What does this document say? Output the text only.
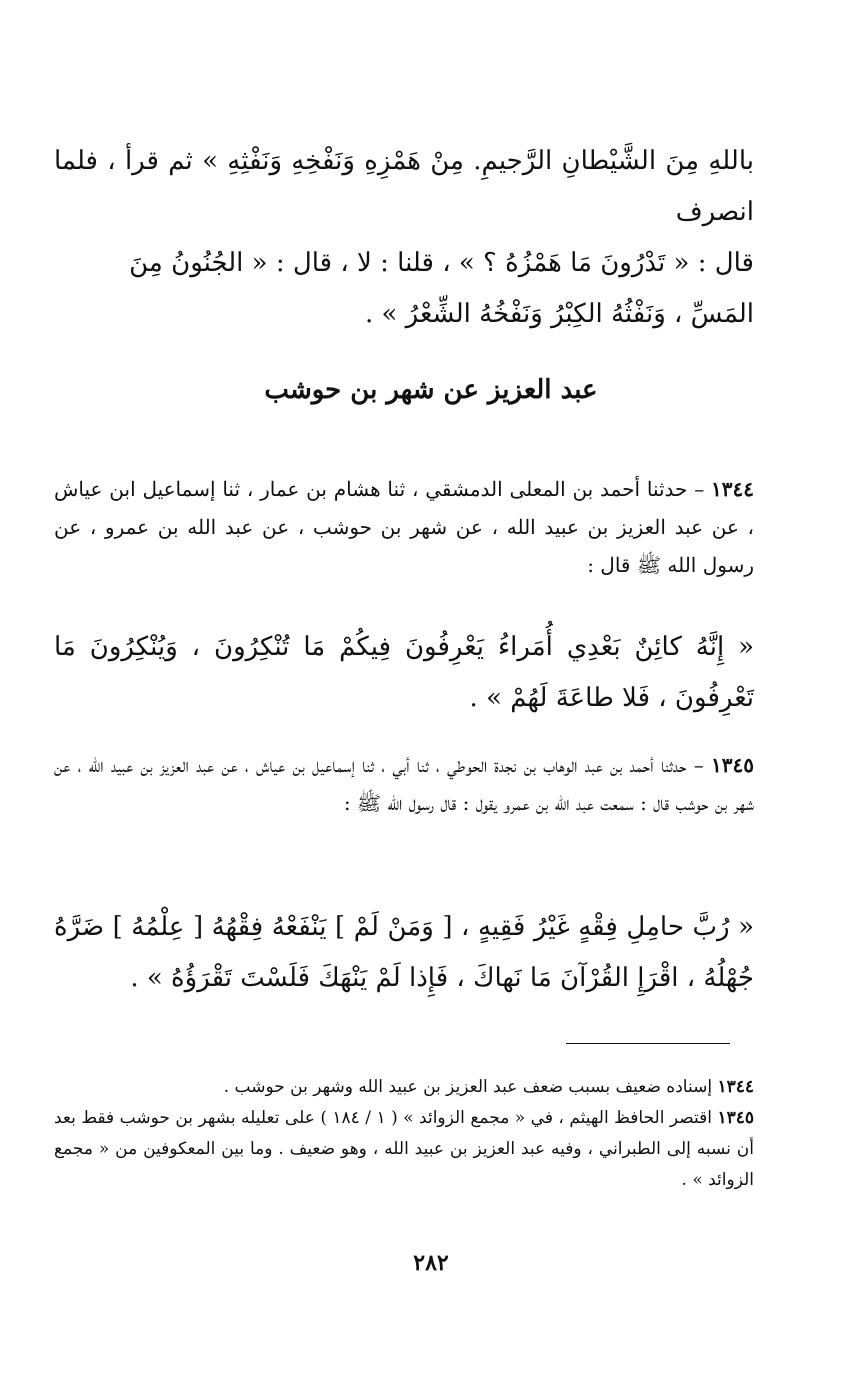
باللهِ مِنَ الشَّيْطانِ الرَّجيمِ. مِنْ هَمْزِهِ وَنَفْخِهِ وَنَفْثِهِ » ثم قرأ ، فلما انصرف
قال : « تَدْرُونَ مَا هَمْزُهُ ؟ » ، قلنا : لا ، قال : « الجُنُونُ مِنَ
المَسِّ ، وَنَفْثُهُ الكِبْرُ وَنَفْخُهُ الشِّعْرُ » .
عبد العزيز عن شهر بن حوشب

١٣٤٤ – حدثنا أحمد بن المعلى الدمشقي ، ثنا هشام بن عمار ، ثنا إسماعيل ابن عياش ، عن عبد العزيز بن عبيد الله ، عن شهر بن حوشب ، عن عبد الله بن عمرو ، عن رسول الله ﷺ قال :

« إِنَّهُ كائِنٌ بَعْدِي أُمَراءُ يَعْرِفُونَ فِيكُمْ مَا تُنْكِرُونَ ، وَيُنْكِرُونَ مَا تَعْرِفُونَ ، فَلا طاعَةَ لَهُمْ » .

١٣٤٥ – حدثنا أحمد بن عبد الوهاب بن نجدة الحوطي ، ثنا أبي ، ثنا إسماعيل بن عياش ، عن عبد العزيز بن عبيد الله ، عن شهر بن حوشب قال : سمعت عبد الله بن عمرو يقول : قال رسول الله ﷺ :

« رُبَّ حامِلِ فِقْهٍ غَيْرُ فَقِيهٍ ، [ وَمَنْ لَمْ ] يَنْفَعْهُ فِقْهُهُ [ عِلْمُهُ ] ضَرَّهُ جُهْلُهُ ، اقْرَإِ القُرْآنَ مَا نَهاكَ ، فَإِذا لَمْ يَنْهَكَ فَلَسْتَ تَقْرَؤُهُ » .

١٣٤٤ إسناده ضعيف بسبب ضعف عبد العزيز بن عبيد الله وشهر بن حوشب .

١٣٤٥ اقتصر الحافظ الهيثم ، في « مجمع الزوائد » ( ١ / ١٨٤ ) على تعليله بشهر بن حوشب فقط بعد أن نسبه إلى الطبراني ، وفيه عبد العزيز بن عبيد الله ، وهو ضعيف . وما بين المعكوفين من « مجمع الزوائد » .

٢٨٢
